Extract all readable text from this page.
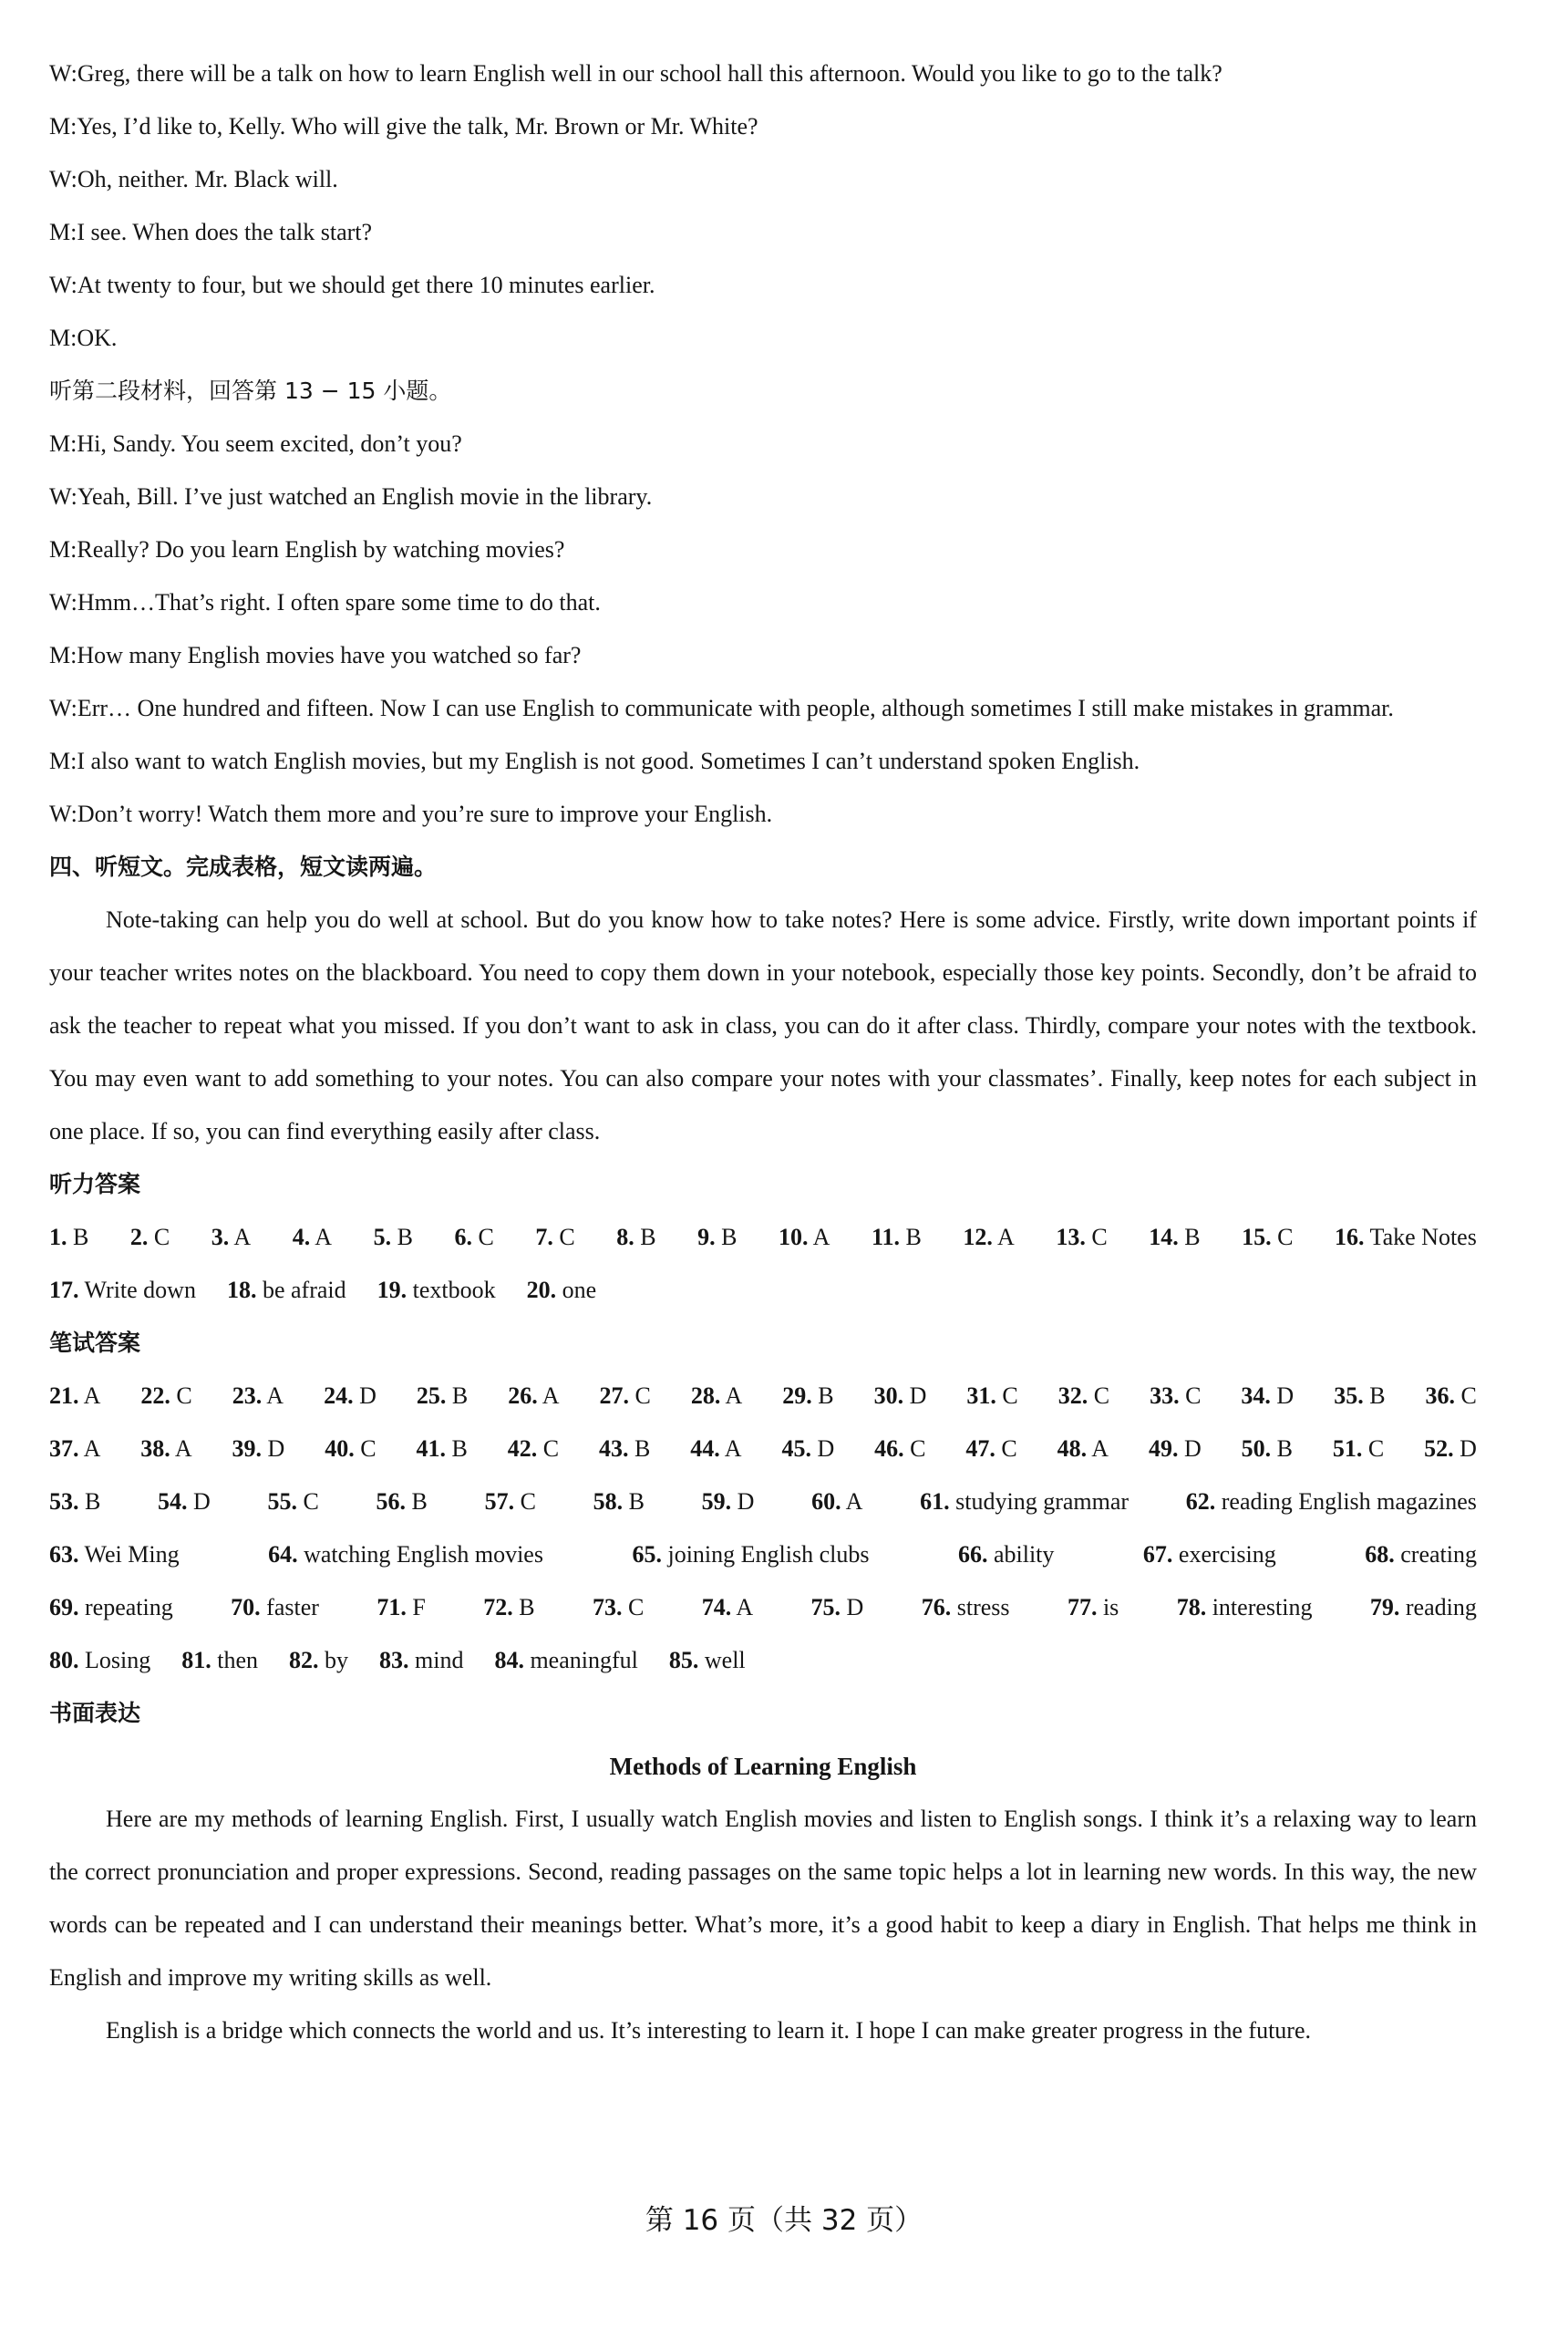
W:Greg, there will be a talk on how to learn English well in our school hall this afternoon. Would you like to go to the talk?
M:Yes, I’d like to, Kelly. Who will give the talk, Mr. Brown or Mr. White?
W:Oh, neither. Mr. Black will.
M:I see. When does the talk start?
W:At twenty to four, but we should get there 10 minutes earlier.
M:OK.
听第二段材料，回答第 13 − 15 小题。
M:Hi, Sandy. You seem excited, don’t you?
W:Yeah, Bill. I’ve just watched an English movie in the library.
M:Really? Do you learn English by watching movies?
W:Hmm…That’s right. I often spare some time to do that.
M:How many English movies have you watched so far?
W:Err… One hundred and fifteen. Now I can use English to communicate with people, although sometimes I still make mistakes in grammar.
M:I also want to watch English movies, but my English is not good. Sometimes I can’t understand spoken English.
W:Don’t worry! Watch them more and you’re sure to improve your English.
四、听短文。完成表格，短文读两遍。
Note-taking can help you do well at school. But do you know how to take notes? Here is some advice. Firstly, write down important points if your teacher writes notes on the blackboard. You need to copy them down in your notebook, especially those key points. Secondly, don’t be afraid to ask the teacher to repeat what you missed. If you don’t want to ask in class, you can do it after class. Thirdly, compare your notes with the textbook. You may even want to add something to your notes. You can also compare your notes with your classmates’. Finally, keep notes for each subject in one place. If so, you can find everything easily after class.
听力答案
1. B 2. C 3. A 4. A 5. B 6. C 7. C 8. B 9. B 10. A 11. B 12. A 13. C 14. B 15. C 16. Take Notes
17. Write down 18. be afraid 19. textbook 20. one
笔试答案
21. A 22. C 23. A 24. D 25. B 26. A 27. C 28. A 29. B 30. D 31. C 32. C 33. C 34. D 35. B 36. C
37. A 38. A 39. D 40. C 41. B 42. C 43. B 44. A 45. D 46. C 47. C 48. A 49. D 50. B 51. C 52. D
53. B 54. D 55. C 56. B 57. C 58. B 59. D 60. A 61. studying grammar 62. reading English magazines
63. Wei Ming	64. watching English movies	65. joining English clubs	66. ability	67. exercising	68. creating
69. repeating 70. faster 71. F 72. B 73. C 74. A 75. D 76. stress 77. is 78. interesting 79. reading
80. Losing 81. then 82. by 83. mind 84. meaningful 85. well
书面表达
Methods of Learning English
Here are my methods of learning English. First, I usually watch English movies and listen to English songs. I think it’s a relaxing way to learn the correct pronunciation and proper expressions. Second, reading passages on the same topic helps a lot in learning new words. In this way, the new words can be repeated and I can understand their meanings better. What’s more, it’s a good habit to keep a diary in English. That helps me think in English and improve my writing skills as well.
English is a bridge which connects the world and us. It’s interesting to learn it. I hope I can make greater progress in the future.
第 16 页（共 32 页）
